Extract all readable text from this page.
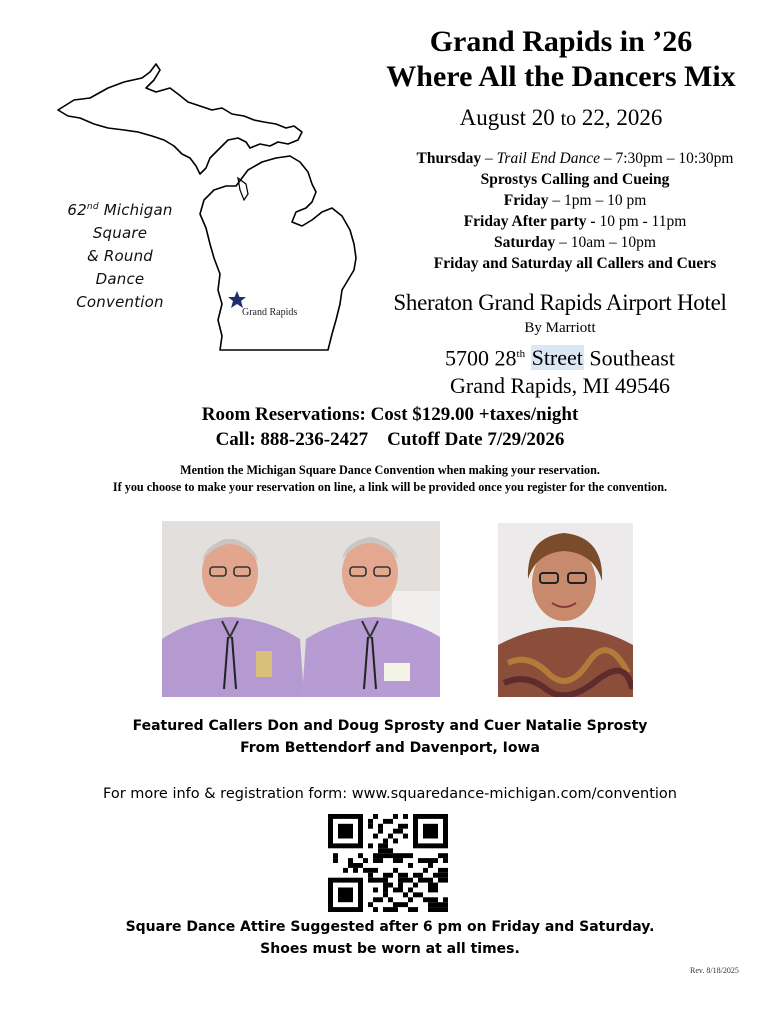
Grand Rapids
62nd Michigan
Square
& Round
Dance
Convention
Grand Rapids in ’26
Where All the Dancers Mix
August 20 to 22, 2026
Thursday – Trail End Dance – 7:30pm – 10:30pm
Sprostys Calling and Cueing
Friday – 1pm – 10 pm
Friday After party - 10 pm - 11pm
Saturday – 10am – 10pm
Friday and Saturday all Callers and Cuers
Sheraton Grand Rapids Airport Hotel
By Marriott
5700 28th Street Southeast
Grand Rapids, MI 49546
Room Reservations: Cost $129.00 +taxes/night
Call: 888-236-2427 Cutoff Date 7/29/2026
Mention the Michigan Square Dance Convention when making your reservation.
If you choose to make your reservation on line, a link will be provided once you register for the convention.
Featured Callers Don and Doug Sprosty and Cuer Natalie Sprosty
From Bettendorf and Davenport, Iowa
For more info & registration form: www.squaredance-michigan.com/convention
Square Dance Attire Suggested after 6 pm on Friday and Saturday.
Shoes must be worn at all times.
Rev. 8/18/2025
